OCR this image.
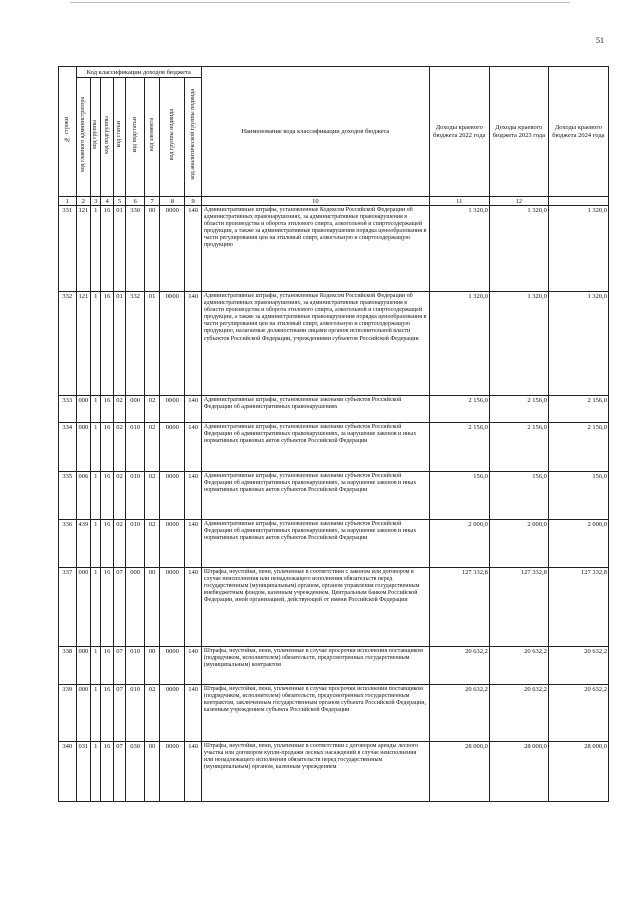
51
№ строки	Код классификации доходов бюджета								Наименование кода классификации доходов бюджета	Доходы краевого бюджета 2022 года	Доходы краевого бюджета 2023 года	Доходы краевого бюджета 2024 года
	код главного администратора	код группы	код подгруппы	код статьи	код подстатьи	код элемента	код группы подвида	код аналитической группы подвида				
1	2	3	4	5	6	7	8	9	10	11	12	
331	121	1	16	01	330	00	0000	140	Административные штрафы, установленные Кодексом Российской Федерации об административных правонарушениях, за административные правонарушения в области производства и оборота этилового спирта, алкогольной и спиртосодержащей продукции, а также за административные правонарушения порядка ценообразования в части регулирования цен на этиловый спирт, алкогольную и спиртосодержащую продукцию	1 320,0	1 320,0	1 320,0
332	121	1	16	01	332	01	0000	140	Административные штрафы, установленные Кодексом Российской Федерации об административных правонарушениях, за административные правонарушения в области производства и оборота этилового спирта, алкогольной и спиртосодержащей продукции, а также за административные правонарушения порядка ценообразования в части регулирования цен на этиловый спирт, алкогольную и спиртосодержащую продукцию, налагаемые должностными лицами органов исполнительной власти субъектов Российской Федерации, учреждениями субъектов Российской Федерации	1 320,0	1 320,0	1 320,0
333	000	1	16	02	000	02	0000	140	Административные штрафы, установленные законами субъектов Российской Федерации об административных правонарушениях	2 156,0	2 156,0	2 156,0
334	000	1	16	02	010	02	0000	140	Административные штрафы, установленные законами субъектов Российской Федерации об административных правонарушениях, за нарушение законов и иных нормативных правовых актов субъектов Российской Федерации	2 156,0	2 156,0	2 156,0
335	006	1	16	02	010	02	0000	140	Административные штрафы, установленные законами субъектов Российской Федерации об административных правонарушениях, за нарушение законов и иных нормативных правовых актов субъектов Российской Федерации	156,0	156,0	156,0
336	439	1	16	02	010	02	0000	140	Административные штрафы, установленные законами субъектов Российской Федерации об административных правонарушениях, за нарушение законов и иных нормативных правовых актов субъектов Российской Федерации	2 000,0	2 000,0	2 000,0
337	000	1	16	07	000	00	0000	140	Штрафы, неустойки, пени, уплаченные в соответствии с законом или договором в случае неисполнения или ненадлежащего исполнения обязательств перед государственным (муниципальным) органом, органом управления государственным внебюджетным фондом, казенным учреждением, Центральным банком Российской Федерации, иной организацией, действующей от имени Российской Федерации	127 332,8	127 332,8	127 332,8
338	000	1	16	07	010	00	0000	140	Штрафы, неустойки, пени, уплаченные в случае просрочки исполнения поставщиком (подрядчиком, исполнителем) обязательств, предусмотренных государственным (муниципальным) контрактом	20 632,2	20 632,2	20 632,2
339	000	1	16	07	010	02	0000	140	Штрафы, неустойки, пени, уплаченные в случае просрочки исполнения поставщиком (подрядчиком, исполнителем) обязательств, предусмотренных государственным контрактом, заключенным государственным органом субъекта Российской Федерации, казенным учреждением субъекта Российской Федерации	20 632,2	20 632,2	20 632,2
340	031	1	16	07	030	00	0000	140	Штрафы, неустойки, пени, уплаченные в соответствии с договором аренды лесного участка или договором купли-продажи лесных насаждений в случае неисполнения или ненадлежащего исполнения обязательств перед государственным (муниципальным) органом, казенным учреждением	28 000,0	28 000,0	28 000,0
